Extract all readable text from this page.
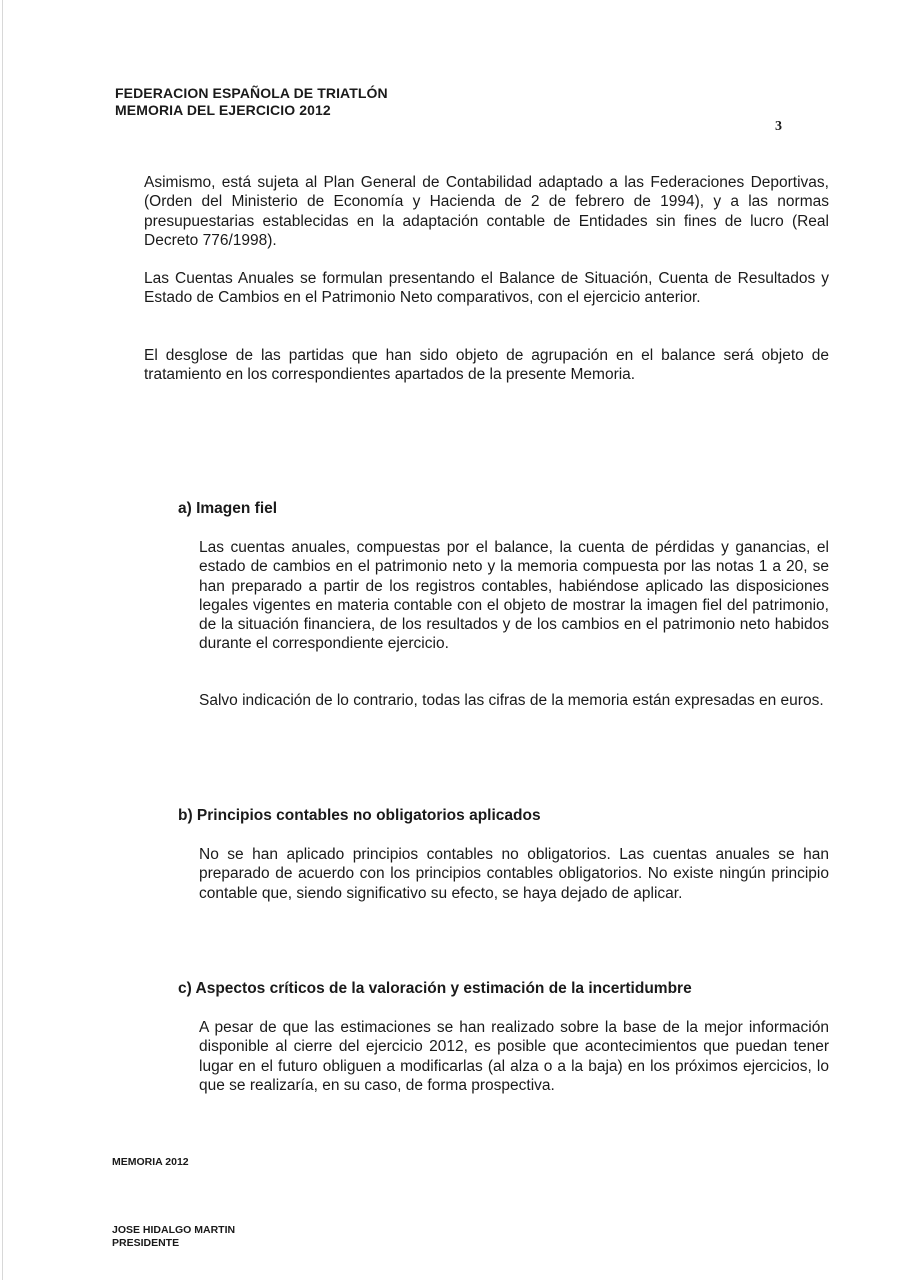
FEDERACION ESPAÑOLA DE TRIATLÓN
MEMORIA DEL EJERCICIO 2012
3

Asimismo, está sujeta al Plan General de Contabilidad adaptado a las Federaciones Deportivas, (Orden del Ministerio de Economía y Hacienda de 2 de febrero de 1994), y a las normas presupuestarias establecidas en la adaptación contable de Entidades sin fines de lucro (Real Decreto 776/1998).

Las Cuentas Anuales se formulan presentando el Balance de Situación, Cuenta de Resultados y Estado de Cambios en el Patrimonio Neto comparativos, con el ejercicio anterior.

El desglose de las partidas que han sido objeto de agrupación en el balance será objeto de tratamiento en los correspondientes apartados de la presente Memoria.

a) Imagen fiel

Las cuentas anuales, compuestas por el balance, la cuenta de pérdidas y ganancias, el estado de cambios en el patrimonio neto y la memoria compuesta por las notas 1 a 20, se han preparado a partir de los registros contables, habiéndose aplicado las disposiciones legales vigentes en materia contable con el objeto de mostrar la imagen fiel del patrimonio, de la situación financiera, de los resultados y de los cambios en el patrimonio neto habidos durante el correspondiente ejercicio.

Salvo indicación de lo contrario, todas las cifras de la memoria están expresadas en euros.

b) Principios contables no obligatorios aplicados

No se han aplicado principios contables no obligatorios. Las cuentas anuales se han preparado de acuerdo con los principios contables obligatorios. No existe ningún principio contable que, siendo significativo su efecto, se haya dejado de aplicar.

c) Aspectos críticos de la valoración y estimación de la incertidumbre

A pesar de que las estimaciones se han realizado sobre la base de la mejor información disponible al cierre del ejercicio 2012, es posible que acontecimientos que puedan tener lugar en el futuro obliguen a modificarlas (al alza o a la baja) en los próximos ejercicios, lo que se realizaría, en su caso, de forma prospectiva.

MEMORIA 2012
JOSE HIDALGO MARTIN
PRESIDENTE
